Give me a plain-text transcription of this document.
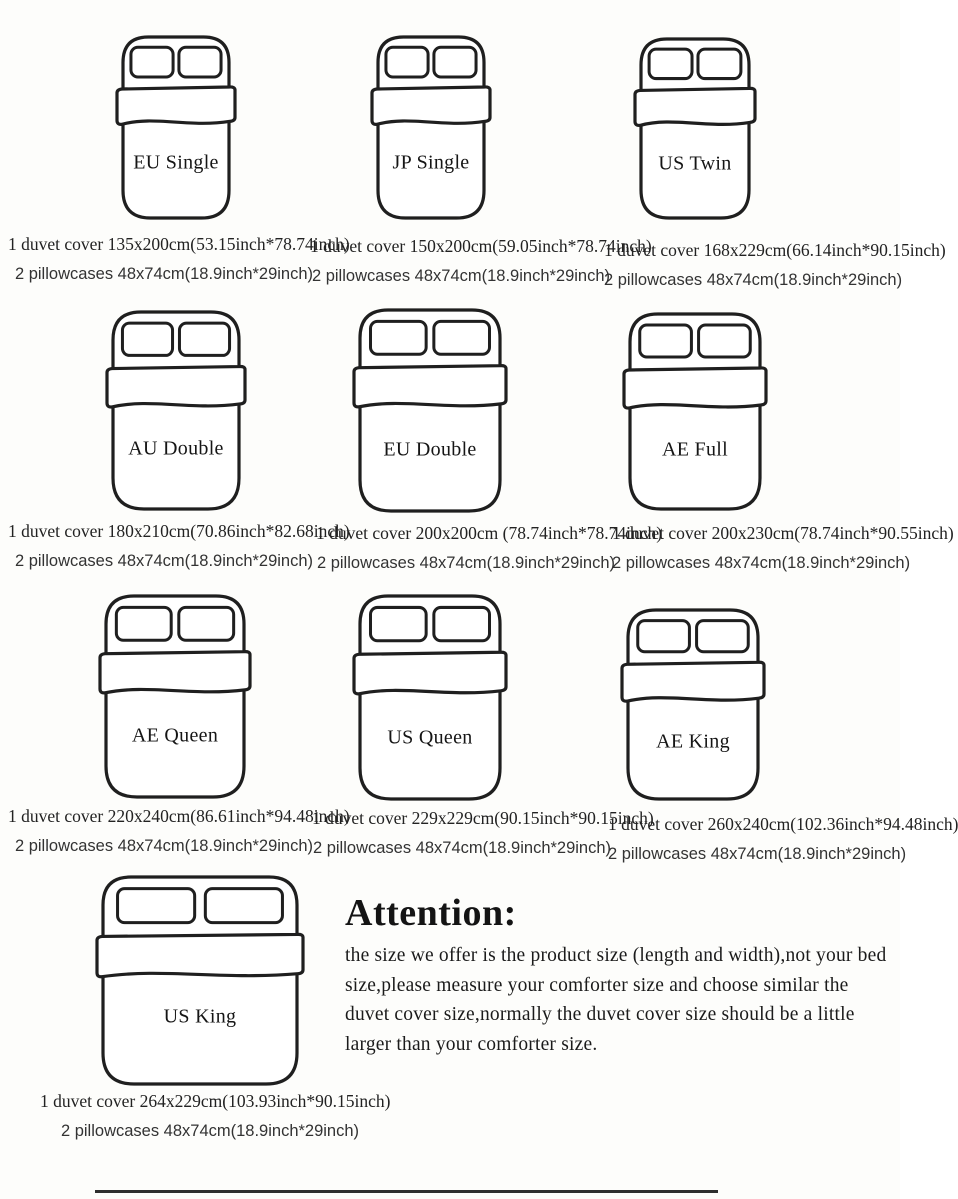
EU Single	JP Single	US Twin
1 duvet cover 135x200cm(53.15inch*78.74inch)
2 pillowcases 48x74cm(18.9inch*29inch)
1 duvet cover 150x200cm(59.05inch*78.74inch)
2 pillowcases 48x74cm(18.9inch*29inch)
1 duvet cover 168x229cm(66.14inch*90.15inch)
2 pillowcases 48x74cm(18.9inch*29inch)
AU Double	EU Double	AE Full
1 duvet cover 180x210cm(70.86inch*82.68inch)
2 pillowcases 48x74cm(18.9inch*29inch)
1 duvet cover 200x200cm (78.74inch*78.74inch)
2 pillowcases 48x74cm(18.9inch*29inch)
1 duvet cover 200x230cm(78.74inch*90.55inch)
2 pillowcases 48x74cm(18.9inch*29inch)
AE Queen	US Queen	AE King
1 duvet cover 220x240cm(86.61inch*94.48inch)
2 pillowcases 48x74cm(18.9inch*29inch)
1 duvet cover 229x229cm(90.15inch*90.15inch)
2 pillowcases 48x74cm(18.9inch*29inch)
1 duvet cover 260x240cm(102.36inch*94.48inch)
2 pillowcases 48x74cm(18.9inch*29inch)
US King
Attention:
the size we offer is the product size (length and width),not your bed
size,please measure your comforter size and choose similar the
duvet cover size,normally the duvet cover size should be a little
larger than your comforter size.
1 duvet cover 264x229cm(103.93inch*90.15inch)
2 pillowcases 48x74cm(18.9inch*29inch)
